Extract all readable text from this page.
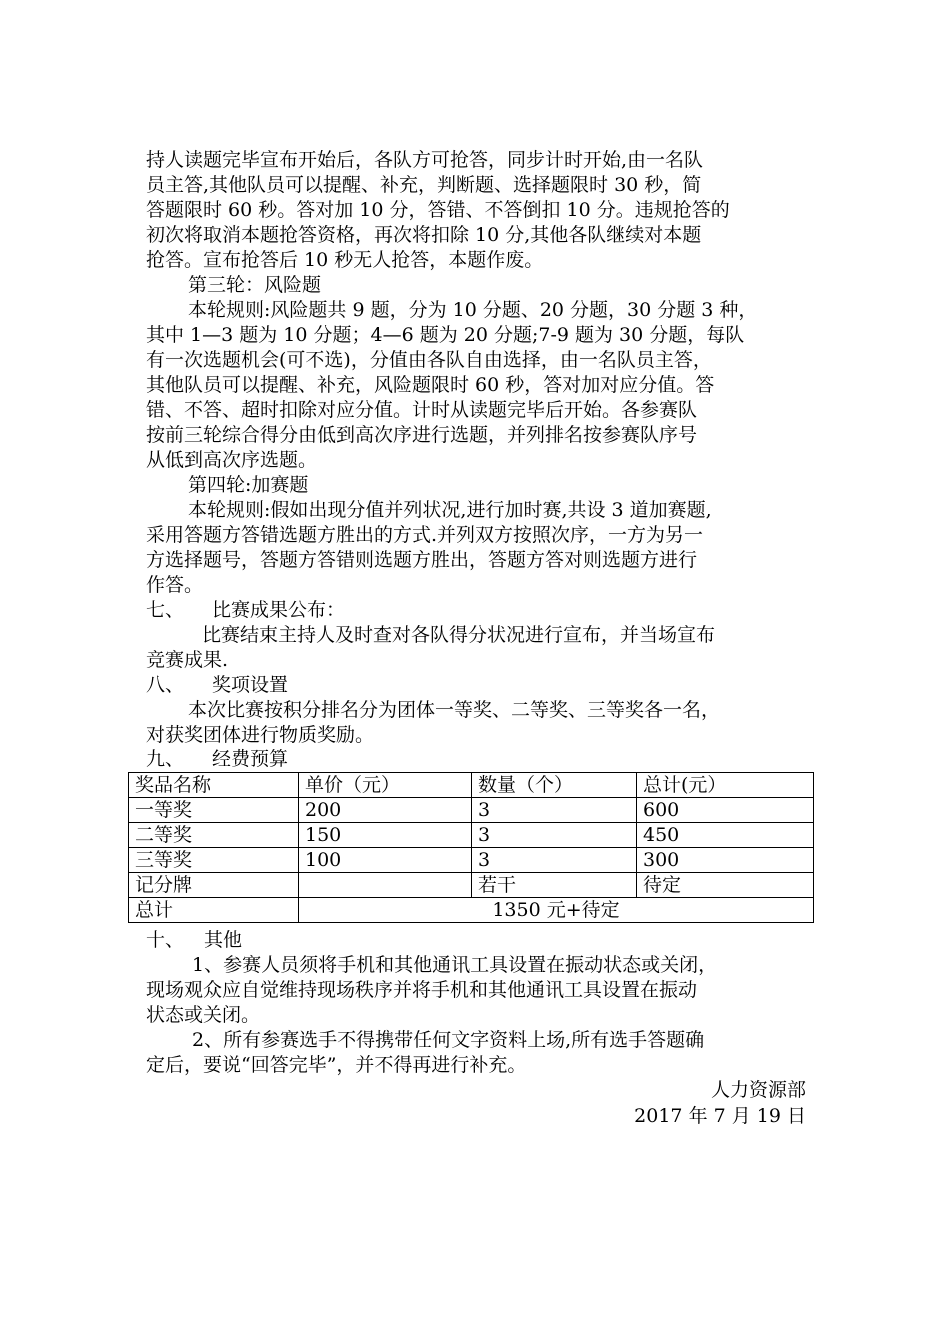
持人读题完毕宣布开始后，各队方可抢答，同步计时开始,由一名队
员主答,其他队员可以提醒、补充，判断题、选择题限时 30 秒，简
答题限时 60 秒。答对加 10 分，答错、不答倒扣 10 分。违规抢答的
初次将取消本题抢答资格，再次将扣除 10 分,其他各队继续对本题
抢答。宣布抢答后 10 秒无人抢答，本题作废。
第三轮：风险题
本轮规则:风险题共 9 题，分为 10 分题、20 分题，30 分题 3 种，
其中 1—3 题为 10 分题；4—6 题为 20 分题;7-9 题为 30 分题，每队
有一次选题机会(可不选)，分值由各队自由选择，由一名队员主答，
其他队员可以提醒、补充，风险题限时 60 秒，答对加对应分值。答
错、不答、超时扣除对应分值。计时从读题完毕后开始。各参赛队
按前三轮综合得分由低到高次序进行选题，并列排名按参赛队序号
从低到高次序选题。
第四轮:加赛题
本轮规则:假如出现分值并列状况,进行加时赛,共设 3 道加赛题,
采用答题方答错选题方胜出的方式.并列双方按照次序，一方为另一
方选择题号，答题方答错则选题方胜出，答题方答对则选题方进行
作答。
七、 比赛成果公布：
比赛结束主持人及时查对各队得分状况进行宣布，并当场宣布
竞赛成果.
八、 奖项设置
本次比赛按积分排名分为团体一等奖、二等奖、三等奖各一名，
对获奖团体进行物质奖励。
九、 经费预算
奖品名称	单价（元）	数量（个）	总计(元）
一等奖	200	3	600
二等奖	150	3	450
三等奖	100	3	300
记分牌		若干	待定
总计	1350 元+待定		
十、 其他
1、参赛人员须将手机和其他通讯工具设置在振动状态或关闭，
现场观众应自觉维持现场秩序并将手机和其他通讯工具设置在振动
状态或关闭。
2、所有参赛选手不得携带任何文字资料上场,所有选手答题确
定后，要说“回答完毕”，并不得再进行补充。
人力资源部
2017 年 7 月 19 日
